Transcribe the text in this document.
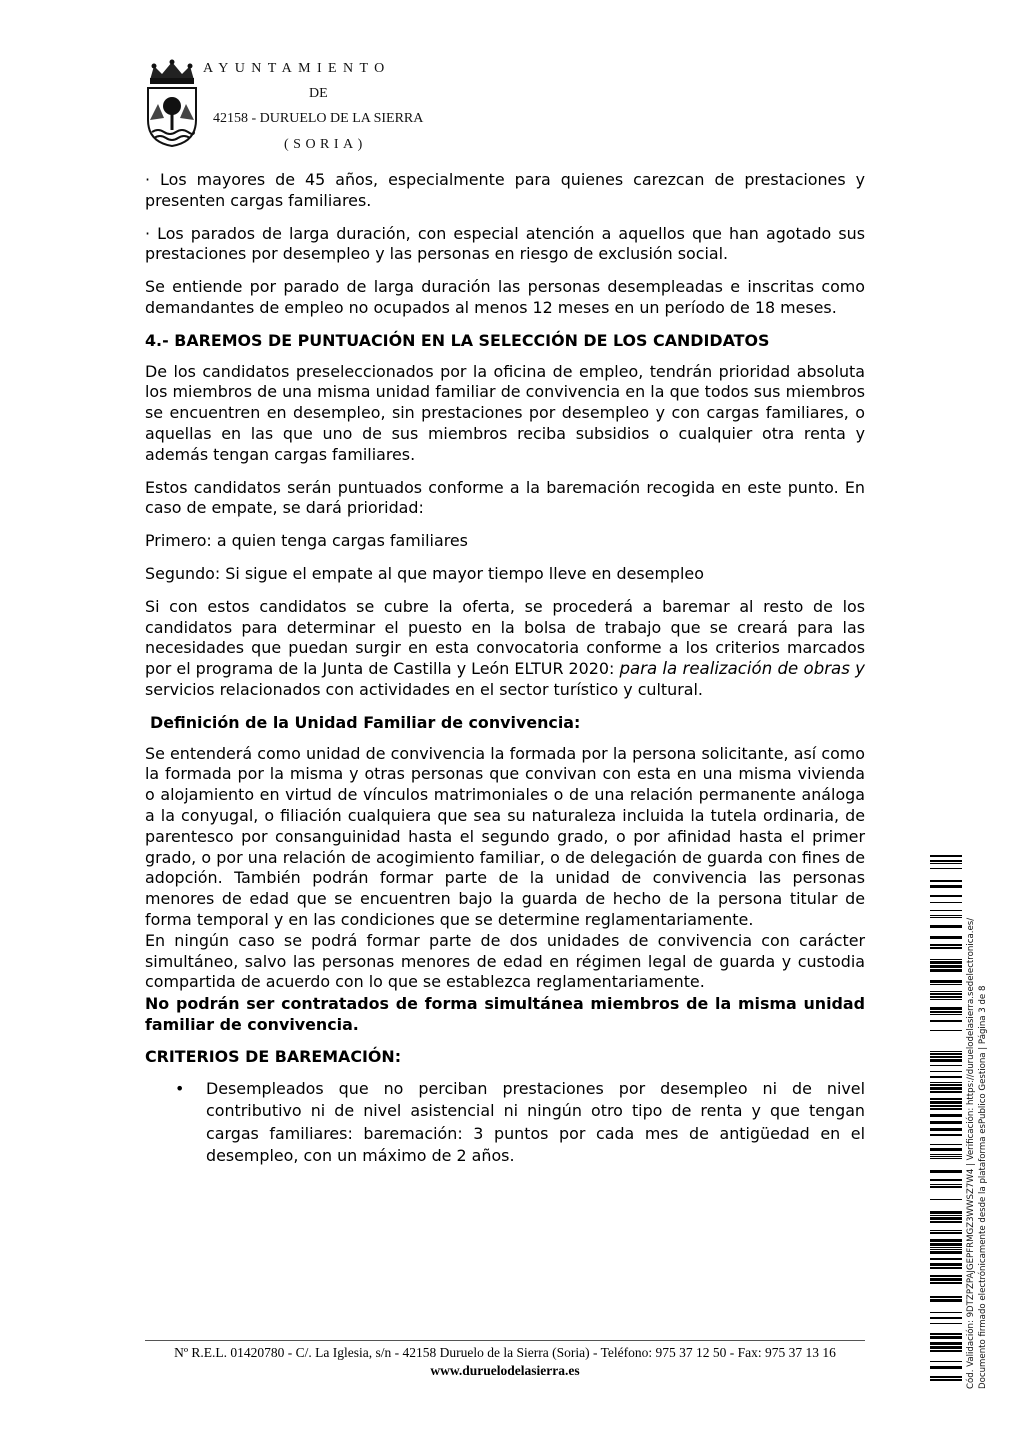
AYUNTAMIENTO
DE
42158 - DURUELO DE LA SIERRA
(SORIA)

· Los mayores de 45 años, especialmente para quienes carezcan de prestaciones y presenten cargas familiares.

· Los parados de larga duración, con especial atención a aquellos que han agotado sus prestaciones por desempleo y las personas en riesgo de exclusión social.

Se entiende por parado de larga duración las personas desempleadas e inscritas como demandantes de empleo no ocupados al menos 12 meses en un período de 18 meses.

4.- BAREMOS DE PUNTUACIÓN EN LA SELECCIÓN DE LOS CANDIDATOS

De los candidatos preseleccionados por la oficina de empleo, tendrán prioridad absoluta los miembros de una misma unidad familiar de convivencia en la que todos sus miembros se encuentren en desempleo, sin prestaciones por desempleo y con cargas familiares, o aquellas en las que uno de sus miembros reciba subsidios o cualquier otra renta y además tengan cargas familiares.

Estos candidatos serán puntuados conforme a la baremación recogida en este punto. En caso de empate, se dará prioridad:

Primero: a quien tenga cargas familiares

Segundo: Si sigue el empate al que mayor tiempo lleve en desempleo

Si con estos candidatos se cubre la oferta, se procederá a baremar al resto de los candidatos para determinar el puesto en la bolsa de trabajo que se creará para las necesidades que puedan surgir en esta convocatoria conforme a los criterios marcados por el programa de la Junta de Castilla y León ELTUR 2020: para la realización de obras y servicios relacionados con actividades en el sector turístico y cultural.

Definición de la Unidad Familiar de convivencia:

Se entenderá como unidad de convivencia la formada por la persona solicitante, así como la formada por la misma y otras personas que convivan con esta en una misma vivienda o alojamiento en virtud de vínculos matrimoniales o de una relación permanente análoga a la conyugal, o filiación cualquiera que sea su naturaleza incluida la tutela ordinaria, de parentesco por consanguinidad hasta el segundo grado, o por afinidad hasta el primer grado, o por una relación de acogimiento familiar, o de delegación de guarda con fines de adopción. También podrán formar parte de la unidad de convivencia las personas menores de edad que se encuentren bajo la guarda de hecho de la persona titular de forma temporal y en las condiciones que se determine reglamentariamente.

En ningún caso se podrá formar parte de dos unidades de convivencia con carácter simultáneo, salvo las personas menores de edad en régimen legal de guarda y custodia compartida de acuerdo con lo que se establezca reglamentariamente.

No podrán ser contratados de forma simultánea miembros de la misma unidad familiar de convivencia.

CRITERIOS DE BAREMACIÓN:
• Desempleados que no perciban prestaciones por desempleo ni de nivel contributivo ni de nivel asistencial ni ningún otro tipo de renta y que tengan cargas familiares: baremación: 3 puntos por cada mes de antigüedad en el desempleo, con un máximo de 2 años.
Nº R.E.L. 01420780 - C/. La Iglesia, s/n - 42158 Duruelo de la Sierra (Soria) - Teléfono: 975 37 12 50 - Fax: 975 37 13 16
www.duruelodelasierra.es	Cód. Validación: 9DTZPZPAJGEPFRMGZ3WWSZ7W4 | Verificación: https://duruelodelasierra.sedelectronica.es/ Documento firmado electrónicamente desde la plataforma esPublico Gestiona | Página 3 de 8
